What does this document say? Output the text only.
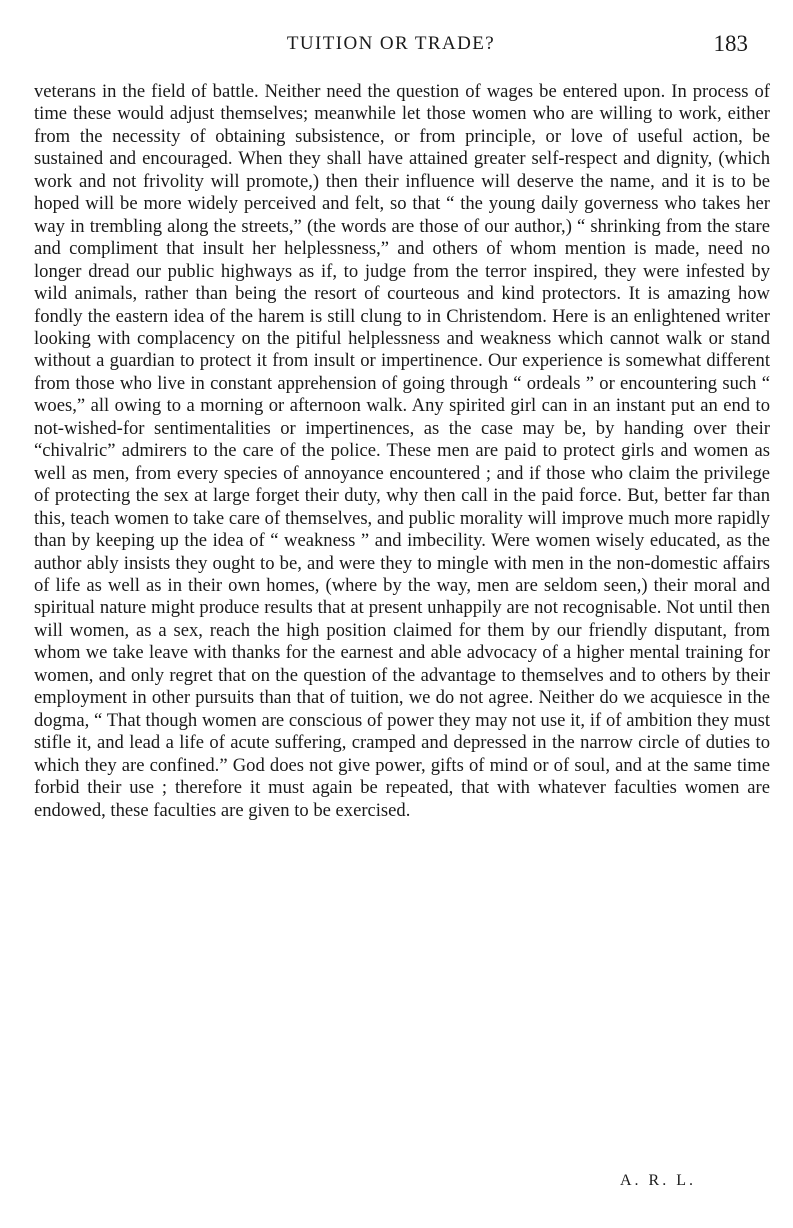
TUITION OR TRADE?	183

veterans in the field of battle. Neither need the question of wages be entered upon. In process of time these would adjust themselves; meanwhile let those women who are willing to work, either from the necessity of obtaining subsistence, or from principle, or love of useful action, be sustained and encouraged. When they shall have attained greater self-respect and dignity, (which work and not frivolity will promote,) then their influence will deserve the name, and it is to be hoped will be more widely perceived and felt, so that “ the young daily governess who takes her way in trembling along the streets,” (the words are those of our author,) “ shrinking from the stare and compliment that insult her helplessness,” and others of whom mention is made, need no longer dread our public highways as if, to judge from the terror inspired, they were infested by wild animals, rather than being the resort of courteous and kind protectors. It is amazing how fondly the eastern idea of the harem is still clung to in Christendom. Here is an enlightened writer looking with complacency on the pitiful helplessness and weakness which cannot walk or stand without a guardian to protect it from insult or impertinence. Our experience is somewhat different from those who live in constant apprehension of going through “ ordeals ” or encountering such “ woes,” all owing to a morning or afternoon walk. Any spirited girl can in an instant put an end to not-wished-for sentimentalities or impertinences, as the case may be, by handing over their “chivalric” admirers to the care of the police. These men are paid to protect girls and women as well as men, from every species of annoyance encountered ; and if those who claim the privilege of protecting the sex at large forget their duty, why then call in the paid force. But, better far than this, teach women to take care of themselves, and public morality will improve much more rapidly than by keeping up the idea of “ weakness ” and imbecility. Were women wisely educated, as the author ably insists they ought to be, and were they to mingle with men in the non-domestic affairs of life as well as in their own homes, (where by the way, men are seldom seen,) their moral and spiritual nature might produce results that at present unhappily are not recognisable. Not until then will women, as a sex, reach the high position claimed for them by our friendly disputant, from whom we take leave with thanks for the earnest and able advocacy of a higher mental training for women, and only regret that on the question of the advantage to themselves and to others by their employment in other pursuits than that of tuition, we do not agree. Neither do we acquiesce in the dogma, “ That though women are conscious of power they may not use it, if of ambition they must stifle it, and lead a life of acute suffering, cramped and depressed in the narrow circle of duties to which they are confined.” God does not give power, gifts of mind or of soul, and at the same time forbid their use ; therefore it must again be repeated, that with whatever faculties women are endowed, these faculties are given to be exercised.

A. R. L.
